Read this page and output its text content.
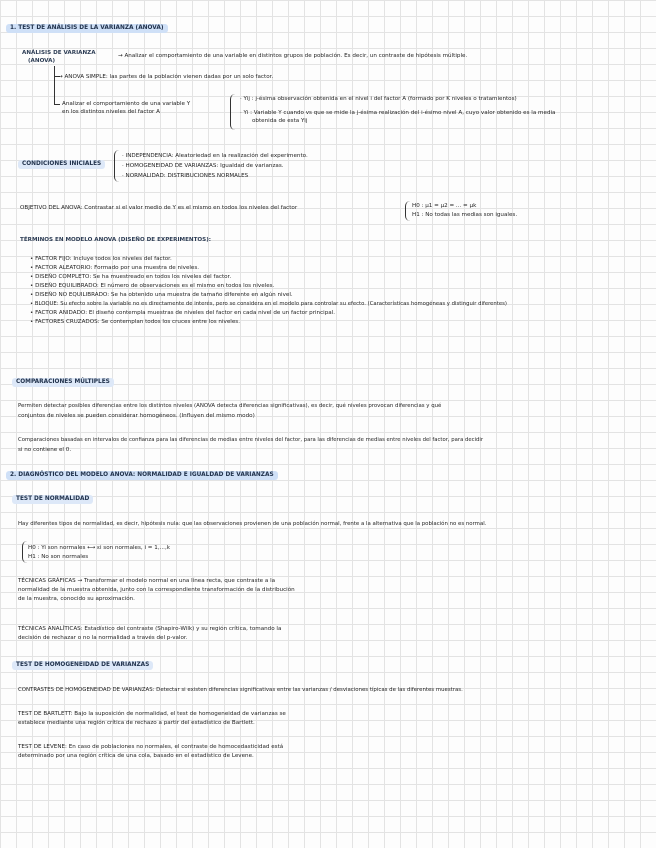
1. TEST DE ANÁLISIS DE LA VARIANZA (ANOVA)
ANÁLISIS DE VARIANZA
(ANOVA)
→ Analizar el comportamiento de una variable en distintos grupos de población. Es decir, un contraste de hipótesis múltiple.
→ ANOVA SIMPLE: las partes de la población vienen dadas por un solo factor.
Analizar el comportamiento de una variable Y
en los distintos niveles del factor A
· Yij : j-ésima observación obtenida en el nivel i del factor A (formado por K niveles o tratamientos)
· Yi : Variable Y cuando vs que se mide la j-ésima realización del i-ésimo nivel A, cuyo valor obtenido es la media
obtenida de esta Yij
CONDICIONES INICIALES
· INDEPENDENCIA: Aleatoriedad en la realización del experimento.
· HOMOGENEIDAD DE VARIANZAS: Igualdad de varianzas.
· NORMALIDAD: DISTRIBUCIONES NORMALES
OBJETIVO DEL ANOVA: Contrastar si el valor medio de Y es el mismo en todos los niveles del factor	H0 : μ1 = μ2 = ... = μk
H1 : No todas las medias son iguales.
TÉRMINOS EN MODELO ANOVA (DISEÑO DE EXPERIMENTOS):
• FACTOR FIJO: Incluye todos los niveles del factor.
• FACTOR ALEATORIO: Formado por una muestra de niveles.
• DISEÑO COMPLETO: Se ha muestreado en todos los niveles del factor.
• DISEÑO EQUILIBRADO: El número de observaciones es el mismo en todos los niveles.
• DISEÑO NO EQUILIBRADO: Se ha obtenido una muestra de tamaño diferente en algún nivel.
• BLOQUE: Su efecto sobre la variable no es directamente de interés, pero se considera en el modelo para controlar su efecto. (Características homogéneas y distinguir diferentes)
• FACTOR ANIDADO: El diseño contempla muestras de niveles del factor en cada nivel de un factor principal.
• FACTORES CRUZADOS: Se contemplan todos los cruces entre los niveles.
COMPARACIONES MÚLTIPLES
Permiten detectar posibles diferencias entre los distintos niveles (ANOVA detecta diferencias significativas), es decir, qué niveles provocan diferencias y qué
conjuntos de niveles se pueden considerar homogéneos. (Influyen del mismo modo)
Comparaciones basadas en intervalos de confianza para las diferencias de medias entre niveles del factor, para las diferencias de medias entre niveles del factor, para decidir
si no contiene el 0.
2. DIAGNÓSTICO DEL MODELO ANOVA: NORMALIDAD E IGUALDAD DE VARIANZAS
TEST DE NORMALIDAD
Hay diferentes tipos de normalidad, es decir, hipótesis nula: que las observaciones provienen de una población normal, frente a la alternativa que la población no es normal.
H0 : Yi son normales ⟷ εi son normales, i = 1,...,k
H1 : No son normales
TÉCNICAS GRÁFICAS → Transformar el modelo normal en una línea recta, que contraste a la
normalidad de la muestra obtenida, junto con la correspondiente transformación de la distribución
de la muestra, conocido su aproximación.
TÉCNICAS ANALÍTICAS: Estadístico del contraste (Shapiro-Wilk) y su región crítica, tomando la
decisión de rechazar o no la normalidad a través del p-valor.
TEST DE HOMOGENEIDAD DE VARIANZAS
CONTRASTES DE HOMOGENEIDAD DE VARIANZAS: Detectar si existen diferencias significativas entre las varianzas / desviaciones típicas de las diferentes muestras.
TEST DE BARTLETT: Bajo la suposición de normalidad, el test de homogeneidad de varianzas se
establece mediante una región crítica de rechazo a partir del estadístico de Bartlett.
TEST DE LEVENE: En caso de poblaciones no normales, el contraste de homocedasticidad está
determinado por una región crítica de una cola, basado en el estadístico de Levene.
